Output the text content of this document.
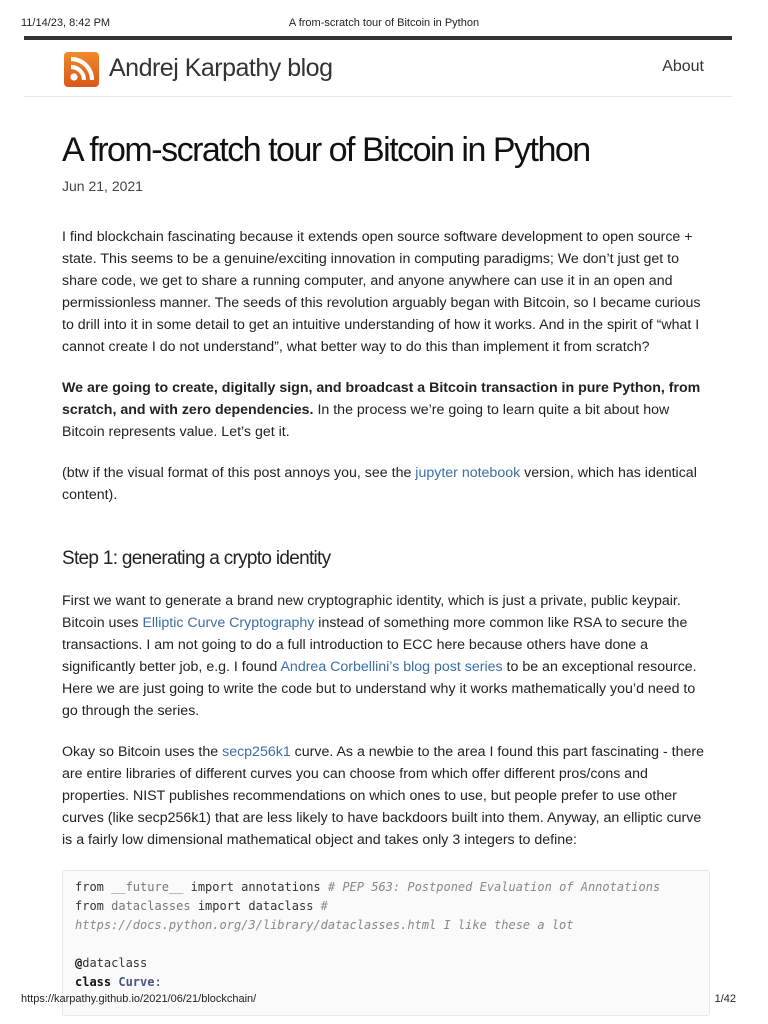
11/14/23, 8:42 PM	A from-scratch tour of Bitcoin in Python
Andrej Karpathy blog	About
A from-scratch tour of Bitcoin in Python
Jun 21, 2021

I find blockchain fascinating because it extends open source software development to open source + state. This seems to be a genuine/exciting innovation in computing paradigms; We don’t just get to share code, we get to share a running computer, and anyone anywhere can use it in an open and permissionless manner. The seeds of this revolution arguably began with Bitcoin, so I became curious to drill into it in some detail to get an intuitive understanding of how it works. And in the spirit of “what I cannot create I do not understand”, what better way to do this than implement it from scratch?

We are going to create, digitally sign, and broadcast a Bitcoin transaction in pure Python, from scratch, and with zero dependencies. In the process we’re going to learn quite a bit about how Bitcoin represents value. Let’s get it.

(btw if the visual format of this post annoys you, see the jupyter notebook version, which has identical content).

Step 1: generating a crypto identity

First we want to generate a brand new cryptographic identity, which is just a private, public keypair. Bitcoin uses Elliptic Curve Cryptography instead of something more common like RSA to secure the transactions. I am not going to do a full introduction to ECC here because others have done a significantly better job, e.g. I found Andrea Corbellini’s blog post series to be an exceptional resource. Here we are just going to write the code but to understand why it works mathematically you’d need to go through the series.

Okay so Bitcoin uses the secp256k1 curve. As a newbie to the area I found this part fascinating - there are entire libraries of different curves you can choose from which offer different pros/cons and properties. NIST publishes recommendations on which ones to use, but people prefer to use other curves (like secp256k1) that are less likely to have backdoors built into them. Anyway, an elliptic curve is a fairly low dimensional mathematical object and takes only 3 integers to define:

from __future__ import annotations # PEP 563: Postponed Evaluation of Annotations
from dataclasses import dataclass #
https://docs.python.org/3/library/dataclasses.html I like these a lot

@dataclass
class Curve:
https://karpathy.github.io/2021/06/21/blockchain/	1/42
